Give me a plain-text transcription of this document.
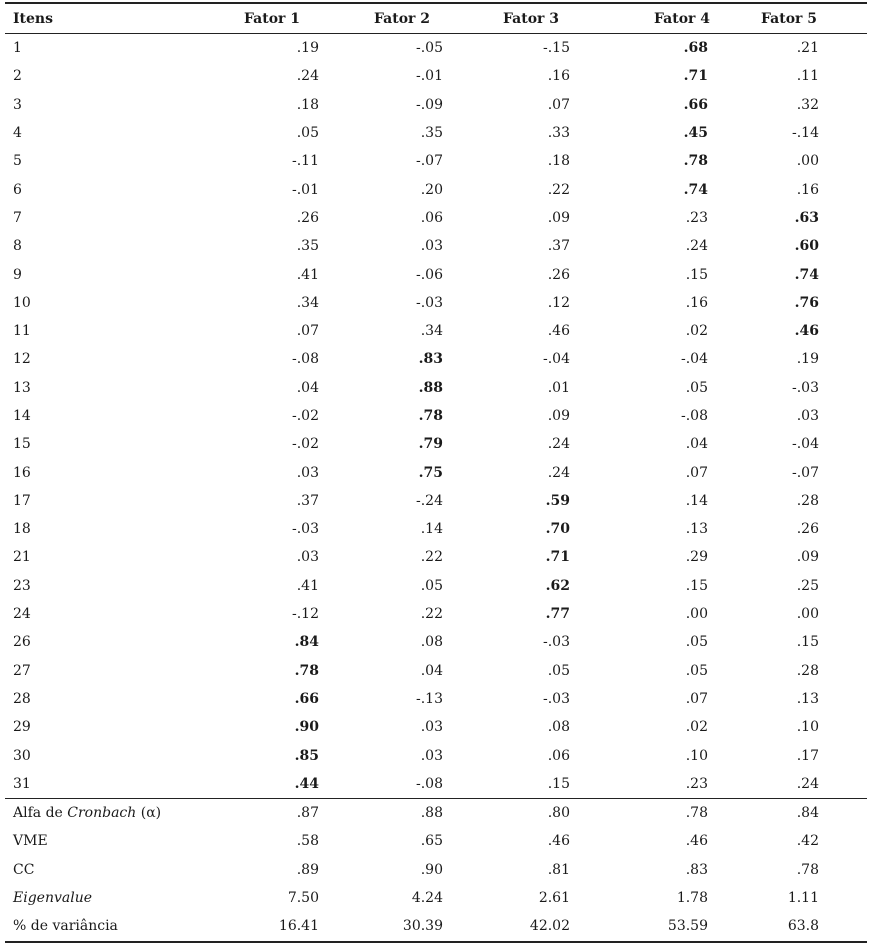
Itens	Fator 1	Fator 2	Fator 3	Fator 4	Fator 5
1	.19	-.05	-.15	.68	.21
2	.24	-.01	.16	.71	.11
3	.18	-.09	.07	.66	.32
4	.05	.35	.33	.45	-.14
5	-.11	-.07	.18	.78	.00
6	-.01	.20	.22	.74	.16
7	.26	.06	.09	.23	.63
8	.35	.03	.37	.24	.60
9	.41	-.06	.26	.15	.74
10	.34	-.03	.12	.16	.76
11	.07	.34	.46	.02	.46
12	-.08	.83	-.04	-.04	.19
13	.04	.88	.01	.05	-.03
14	-.02	.78	.09	-.08	.03
15	-.02	.79	.24	.04	-.04
16	.03	.75	.24	.07	-.07
17	.37	-.24	.59	.14	.28
18	-.03	.14	.70	.13	.26
21	.03	.22	.71	.29	.09
23	.41	.05	.62	.15	.25
24	-.12	.22	.77	.00	.00
26	.84	.08	-.03	.05	.15
27	.78	.04	.05	.05	.28
28	.66	-.13	-.03	.07	.13
29	.90	.03	.08	.02	.10
30	.85	.03	.06	.10	.17
31	.44	-.08	.15	.23	.24
Alfa de Cronbach (α)	.87	.88	.80	.78	.84
VME	.58	.65	.46	.46	.42
CC	.89	.90	.81	.83	.78
Eigenvalue	7.50	4.24	2.61	1.78	1.11
% de variância	16.41	30.39	42.02	53.59	63.8
